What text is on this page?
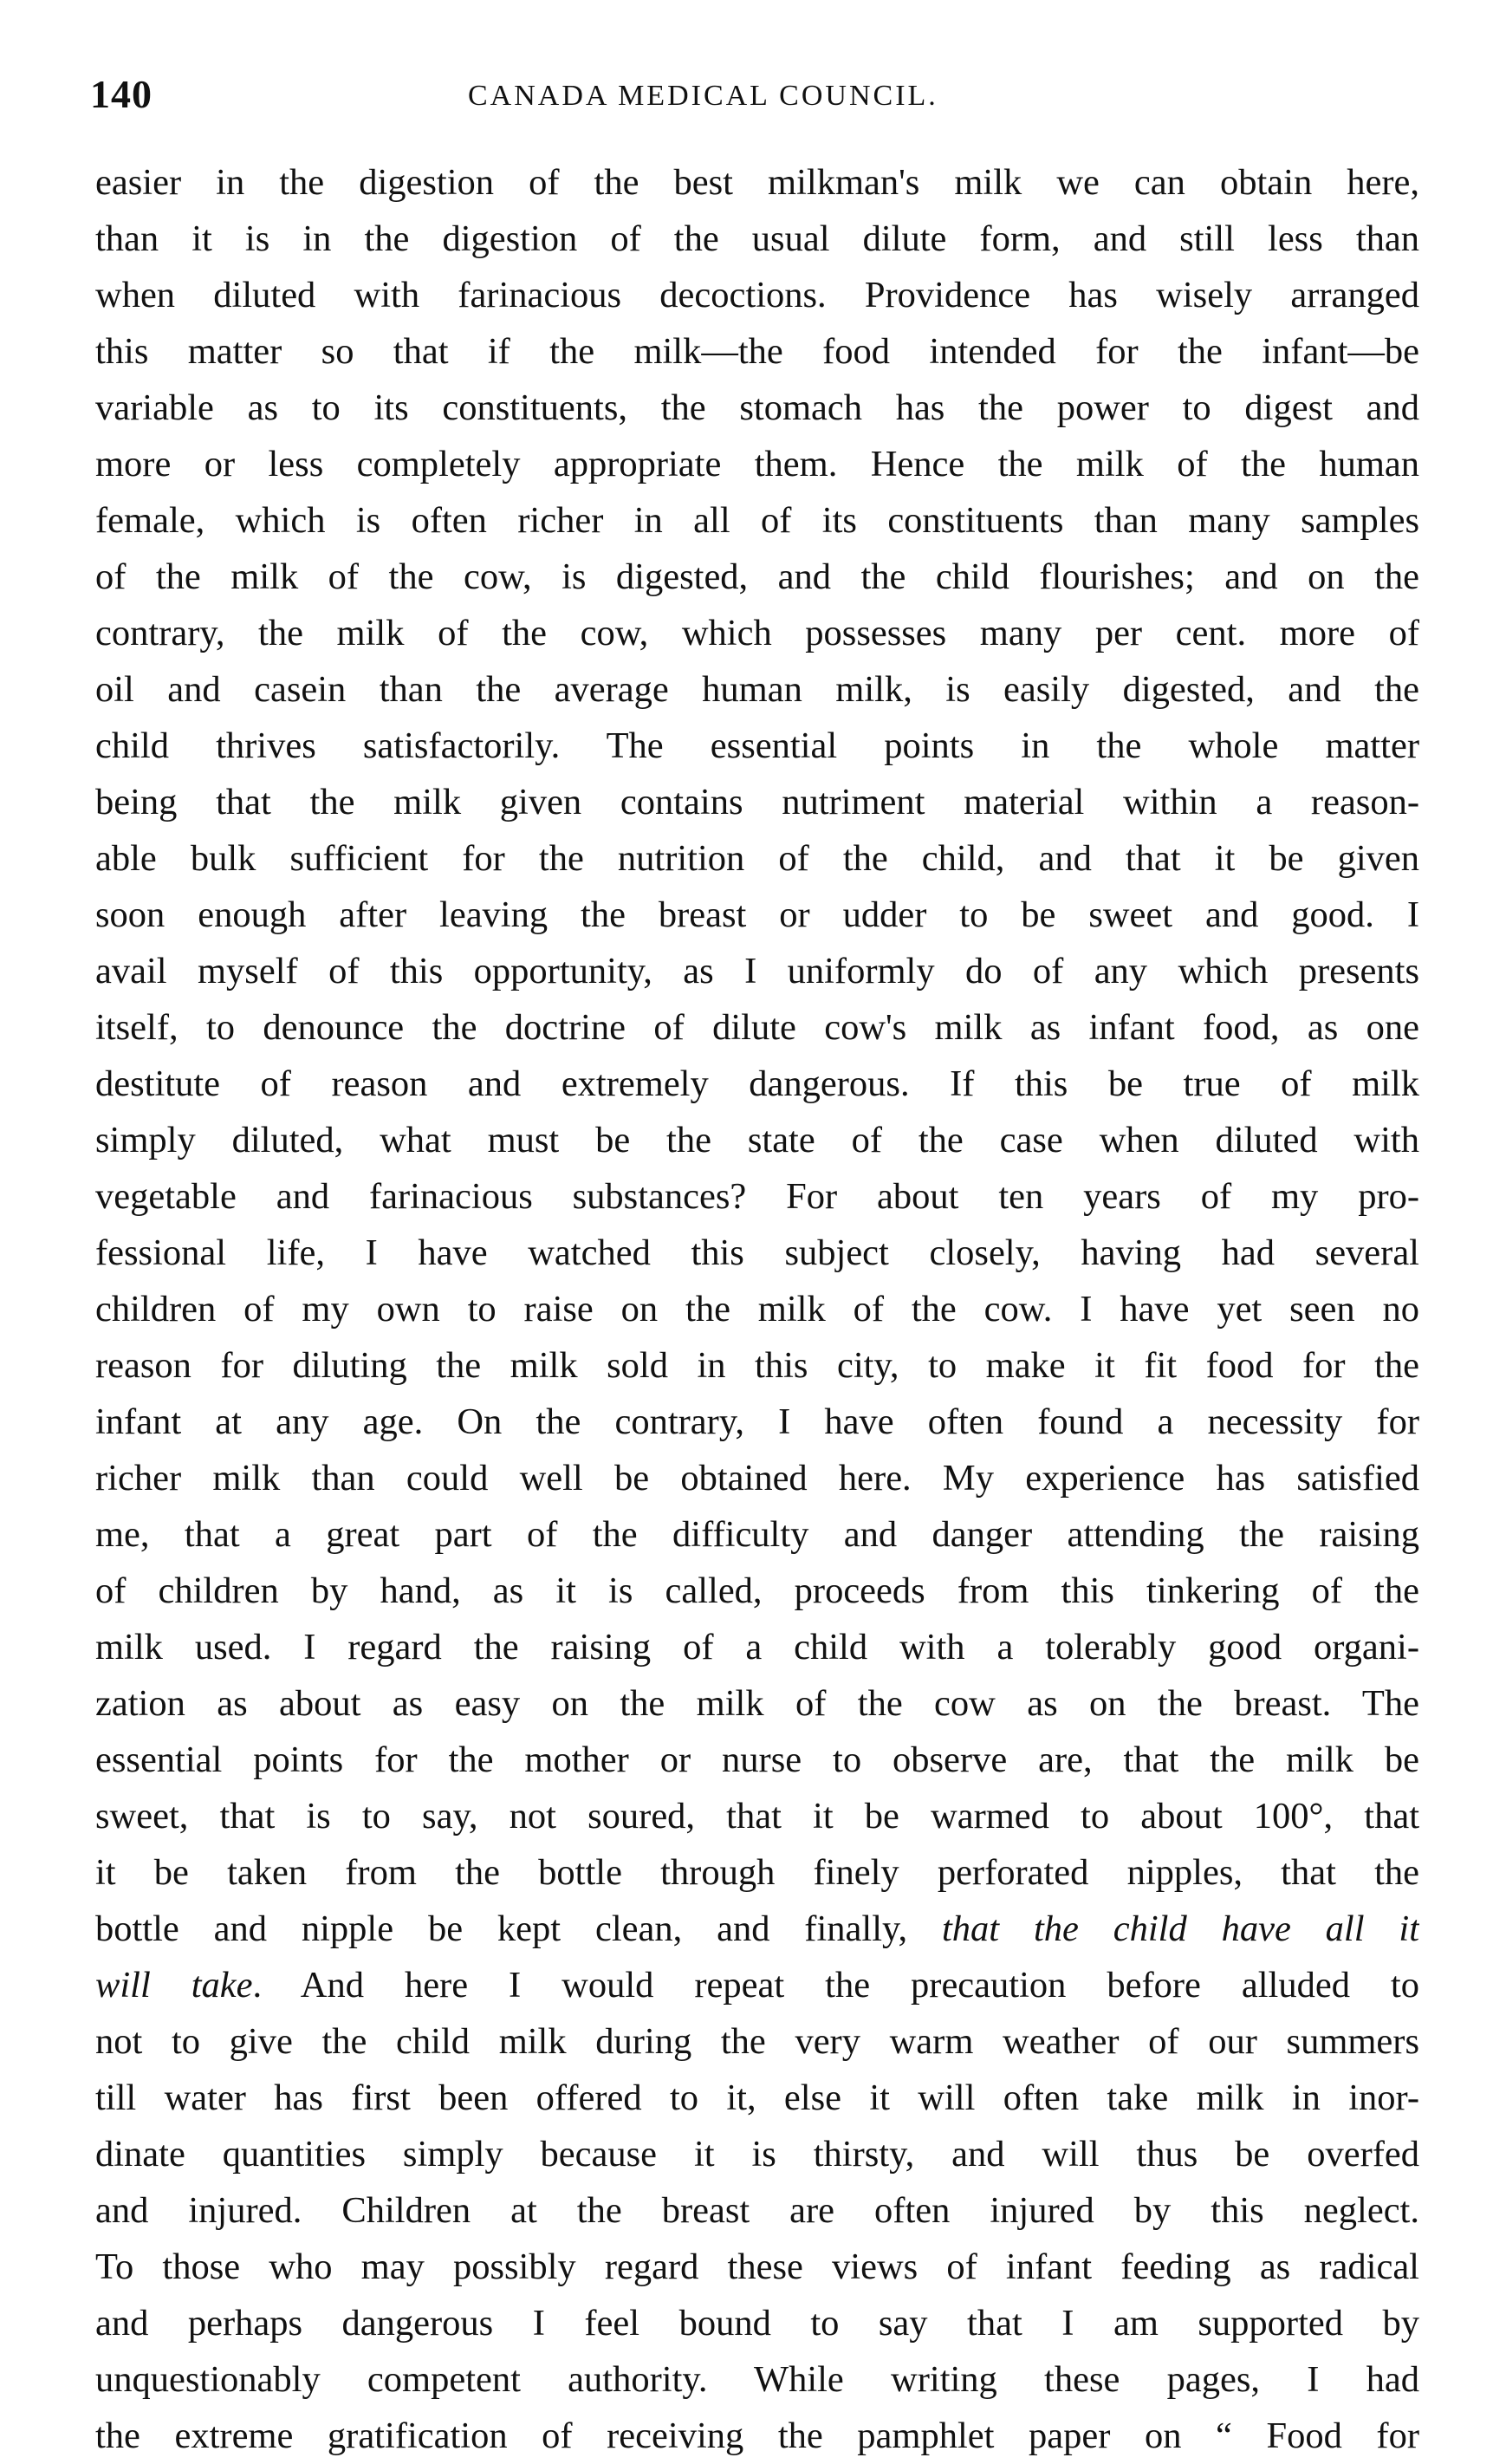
140	CANADA MEDICAL COUNCIL.
easier in the digestion of the best milkman's milk we can obtain here,
than it is in the digestion of the usual dilute form, and still less than
when diluted with farinacious decoctions. Providence has wisely arranged
this matter so that if the milk—the food intended for the infant—be
variable as to its constituents, the stomach has the power to digest and
more or less completely appropriate them. Hence the milk of the human
female, which is often richer in all of its constituents than many samples
of the milk of the cow, is digested, and the child flourishes; and on the
contrary, the milk of the cow, which possesses many per cent. more of
oil and casein than the average human milk, is easily digested, and the
child thrives satisfactorily. The essential points in the whole matter
being that the milk given contains nutriment material within a reason-
able bulk sufficient for the nutrition of the child, and that it be given
soon enough after leaving the breast or udder to be sweet and good. I
avail myself of this opportunity, as I uniformly do of any which presents
itself, to denounce the doctrine of dilute cow's milk as infant food, as one
destitute of reason and extremely dangerous. If this be true of milk
simply diluted, what must be the state of the case when diluted with
vegetable and farinacious substances? For about ten years of my pro-
fessional life, I have watched this subject closely, having had several
children of my own to raise on the milk of the cow. I have yet seen no
reason for diluting the milk sold in this city, to make it fit food for the
infant at any age. On the contrary, I have often found a necessity for
richer milk than could well be obtained here. My experience has satisfied
me, that a great part of the difficulty and danger attending the raising
of children by hand, as it is called, proceeds from this tinkering of the
milk used. I regard the raising of a child with a tolerably good organi-
zation as about as easy on the milk of the cow as on the breast. The
essential points for the mother or nurse to observe are, that the milk be
sweet, that is to say, not soured, that it be warmed to about 100°, that
it be taken from the bottle through finely perforated nipples, that the
bottle and nipple be kept clean, and finally, that the child have all it
will take. And here I would repeat the precaution before alluded to
not to give the child milk during the very warm weather of our summers
till water has first been offered to it, else it will often take milk in inor-
dinate quantities simply because it is thirsty, and will thus be overfed
and injured. Children at the breast are often injured by this neglect.
To those who may possibly regard these views of infant feeding as radical
and perhaps dangerous I feel bound to say that I am supported by
unquestionably competent authority. While writing these pages, I had
the extreme gratification of receiving the pamphlet paper on “ Food for
